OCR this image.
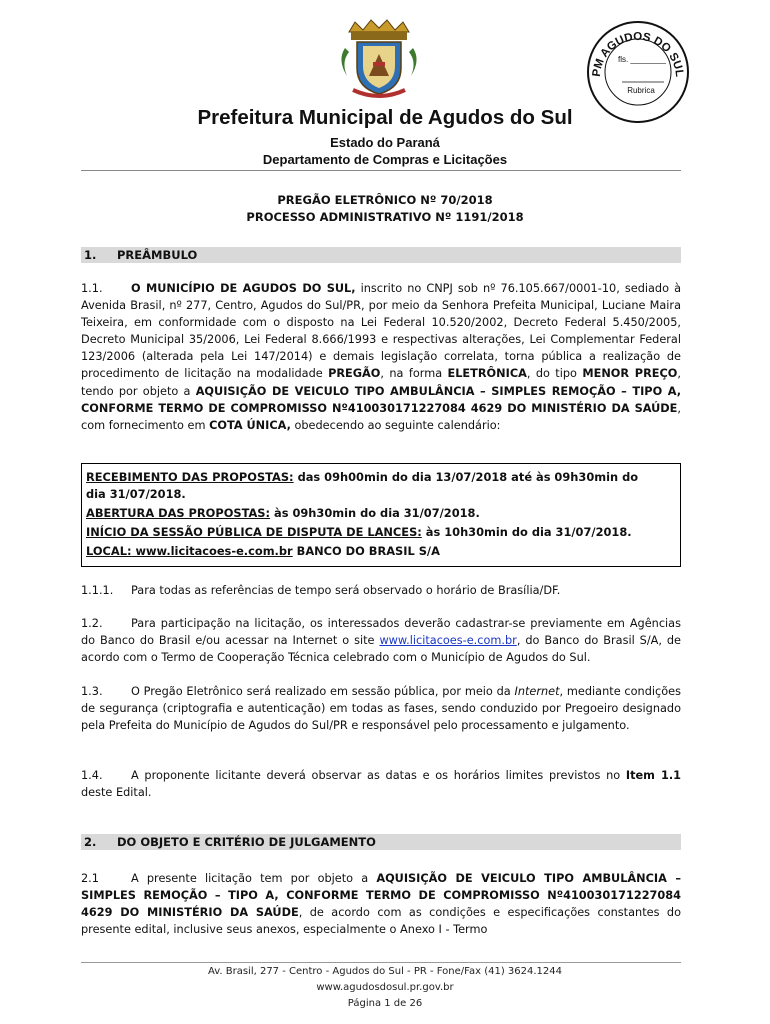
PM AGUDOS DO SUL
fls. ________
Rubrica
Prefeitura Municipal de Agudos do Sul
Estado do Paraná
Departamento de Compras e Licitações
PREGÃO ELETRÔNICO Nº 70/2018
PROCESSO ADMINISTRATIVO Nº 1191/2018
1. PREÂMBULO
1.1.	O MUNICÍPIO DE AGUDOS DO SUL, inscrito no CNPJ sob nº 76.105.667/0001-10, sediado à Avenida Brasil, nº 277, Centro, Agudos do Sul/PR, por meio da Senhora Prefeita Municipal, Luciane Maira Teixeira, em conformidade com o disposto na Lei Federal 10.520/2002, Decreto Federal 5.450/2005, Decreto Municipal 35/2006, Lei Federal 8.666/1993 e respectivas alterações, Lei Complementar Federal 123/2006 (alterada pela Lei 147/2014) e demais legislação correlata, torna pública a realização de procedimento de licitação na modalidade PREGÃO, na forma ELETRÔNICA, do tipo MENOR PREÇO, tendo por objeto a AQUISIÇÃO DE VEICULO TIPO AMBULÂNCIA – SIMPLES REMOÇÃO – TIPO A, CONFORME TERMO DE COMPROMISSO Nº410030171227084 4629 DO MINISTÉRIO DA SAÚDE, com fornecimento em COTA ÚNICA, obedecendo ao seguinte calendário:
RECEBIMENTO DAS PROPOSTAS: das 09h00min do dia 13/07/2018 até às 09h30min do
dia 31/07/2018.
ABERTURA DAS PROPOSTAS: às 09h30min do dia 31/07/2018.
INÍCIO DA SESSÃO PÚBLICA DE DISPUTA DE LANCES: às 10h30min do dia 31/07/2018.
LOCAL: www.licitacoes-e.com.br BANCO DO BRASIL S/A
1.1.1. Para todas as referências de tempo será observado o horário de Brasília/DF.
1.2.	Para participação na licitação, os interessados deverão cadastrar-se previamente em Agências do Banco do Brasil e/ou acessar na Internet o site www.licitacoes-e.com.br, do Banco do Brasil S/A, de acordo com o Termo de Cooperação Técnica celebrado com o Município de Agudos do Sul.
1.3.	O Pregão Eletrônico será realizado em sessão pública, por meio da Internet, mediante condições de segurança (criptografia e autenticação) em todas as fases, sendo conduzido por Pregoeiro designado pela Prefeita do Município de Agudos do Sul/PR e responsável pelo processamento e julgamento.
1.4.	A proponente licitante deverá observar as datas e os horários limites previstos no Item 1.1 deste Edital.
2. DO OBJETO E CRITÉRIO DE JULGAMENTO
2.1	A presente licitação tem por objeto a AQUISIÇÃO DE VEICULO TIPO AMBULÂNCIA – SIMPLES REMOÇÃO – TIPO A, CONFORME TERMO DE COMPROMISSO Nº410030171227084 4629 DO MINISTÉRIO DA SAÚDE, de acordo com as condições e especificações constantes do presente edital, inclusive seus anexos, especialmente o Anexo I - Termo
Av. Brasil, 277 - Centro - Agudos do Sul - PR - Fone/Fax (41) 3624.1244
www.agudosdosul.pr.gov.br
Página 1 de 26
